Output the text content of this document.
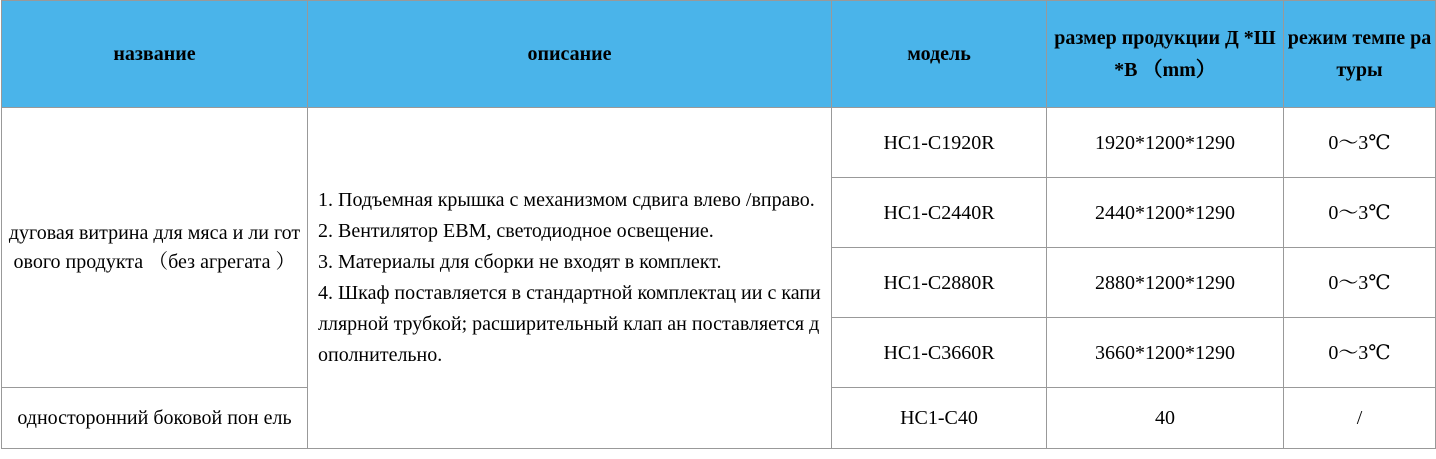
название	описание	модель	размер продукции Д *Ш*В （mm）	режим темпе ратуры
дуговая витрина для мяса и ли готового продукта （без агрегата ）	1. Подъемная крышка с механизмом сдвига влево /вправо.
2. Вентилятор EBM, светодиодное освещение.
3. Материалы для сборки не входят в комплект.
4. Шкаф поставляется в стандартной комплектац ии с капиллярной трубкой; расширительный клап ан поставляется дополнительно.	HC1-C1920R	1920*1200*1290	0～3℃
		HC1-C2440R	2440*1200*1290	0～3℃
		HC1-C2880R	2880*1200*1290	0～3℃
		HC1-C3660R	3660*1200*1290	0～3℃
односторонний боковой пон ель		HC1-C40	40	/
